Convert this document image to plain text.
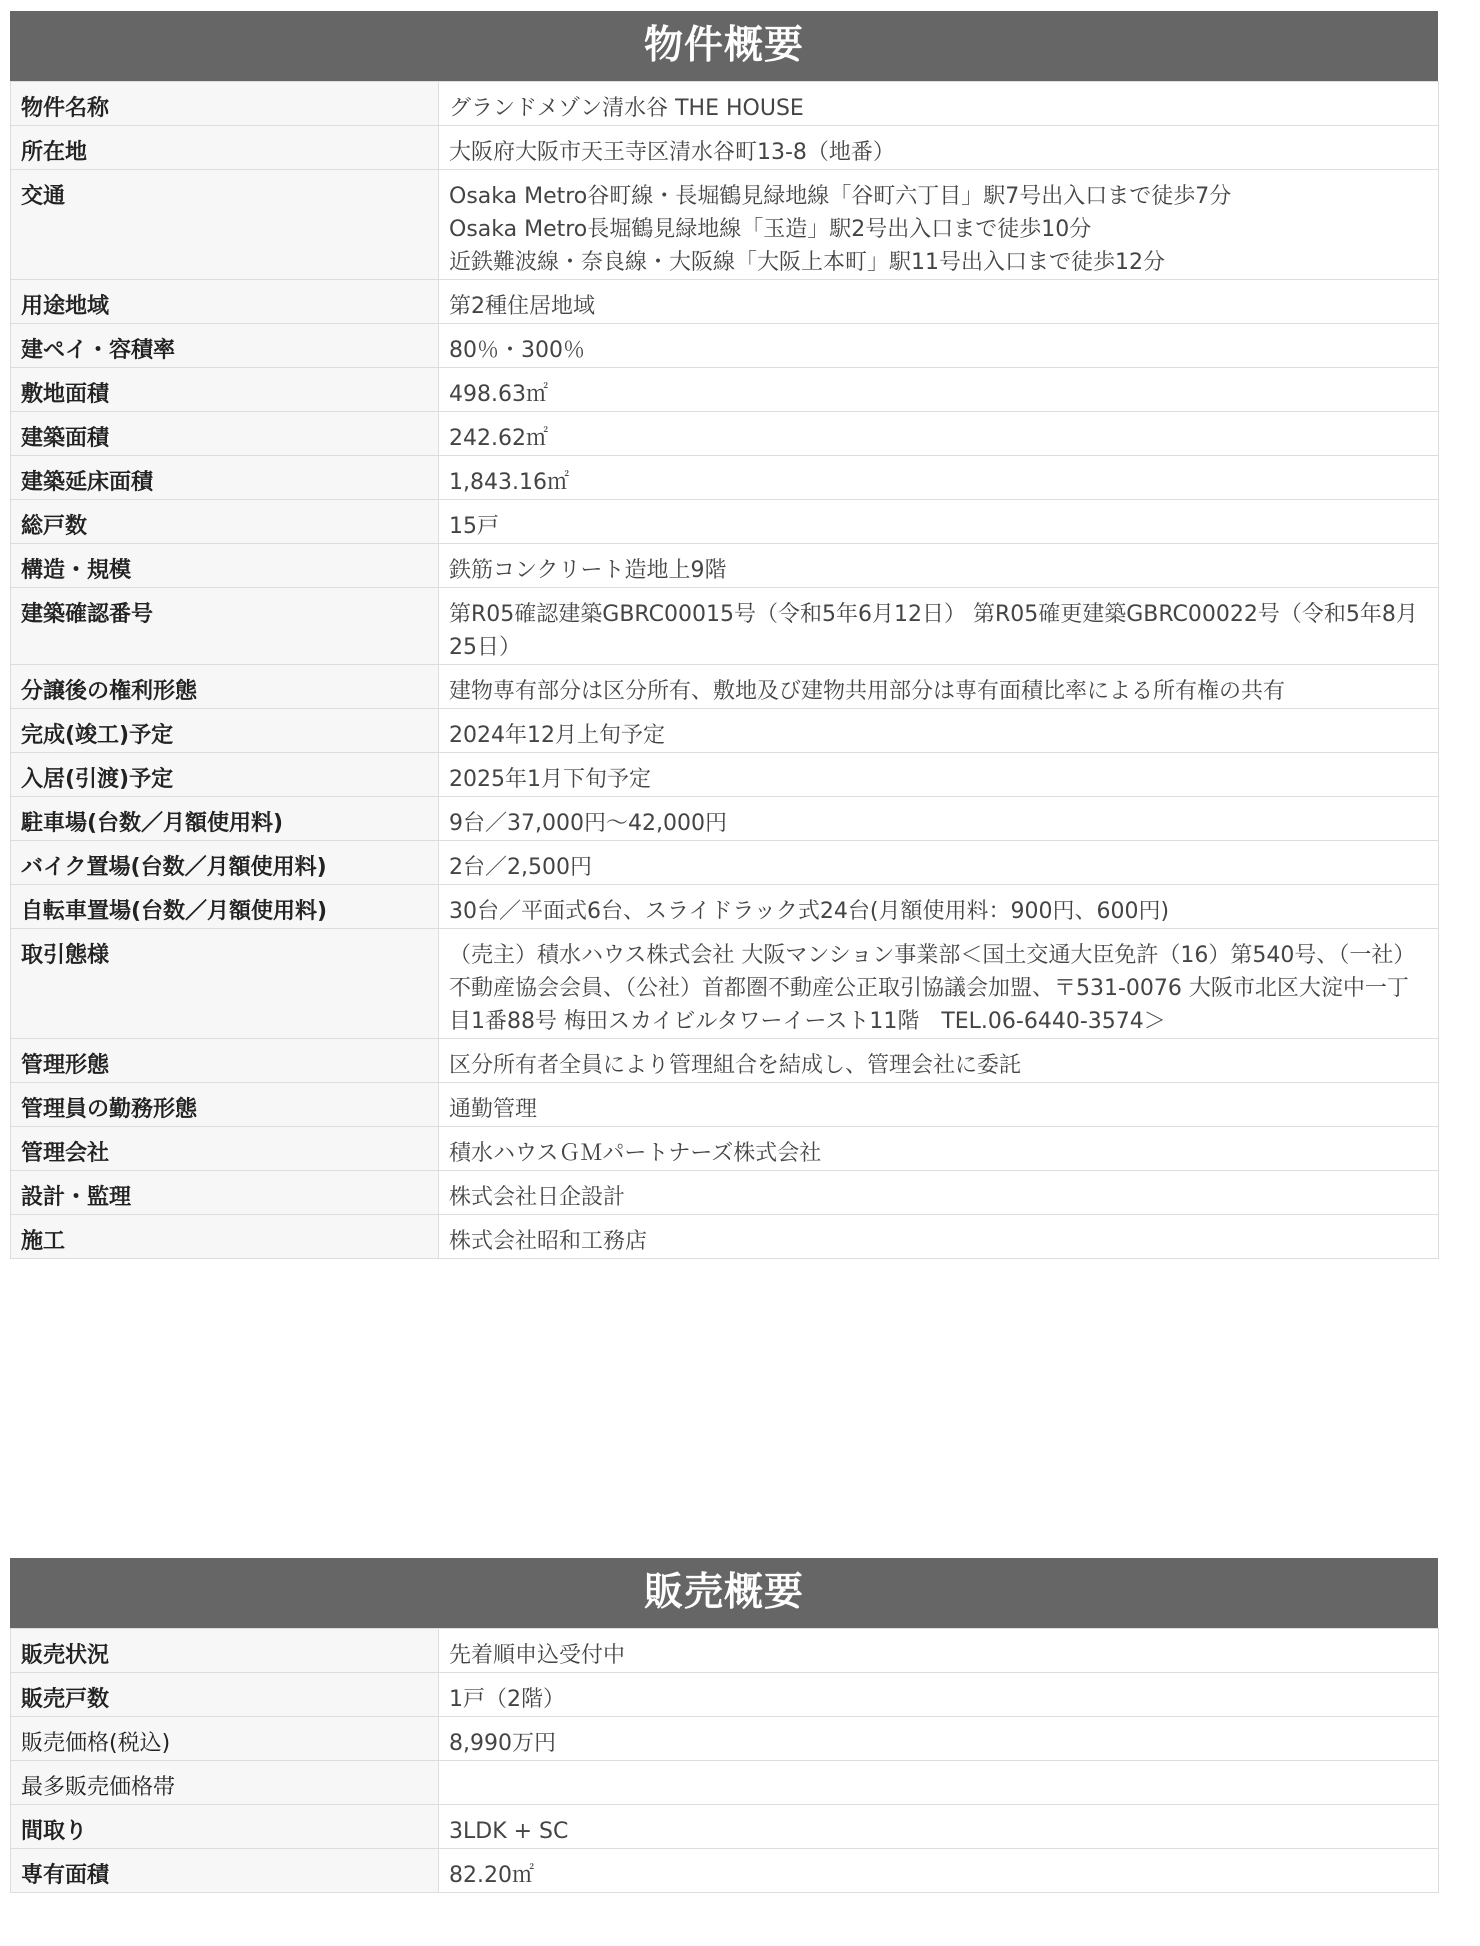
物件概要
物件名称	グランドメゾン清水谷 THE HOUSE

所在地	大阪府大阪市天王寺区清水谷町13-8（地番）

交通	Osaka Metro谷町線・長堀鶴見緑地線「谷町六丁目」駅7号出入口まで徒歩7分
Osaka Metro長堀鶴見緑地線「玉造」駅2号出入口まで徒歩10分
近鉄難波線・奈良線・大阪線「大阪上本町」駅11号出入口まで徒歩12分

用途地域	第2種住居地域

建ペイ・容積率	80％・300％

敷地面積	498.63㎡

建築面積	242.62㎡

建築延床面積	1,843.16㎡

総戸数	15戸

構造・規模	鉄筋コンクリート造地上9階

建築確認番号	第R05確認建築GBRC00015号（令和5年6月12日） 第R05確更建築GBRC00022号（令和5年8月25日）

分譲後の権利形態	建物専有部分は区分所有、敷地及び建物共用部分は専有面積比率による所有権の共有

完成(竣工)予定	2024年12月上旬予定

入居(引渡)予定	2025年1月下旬予定

駐車場(台数／月額使用料)	9台／37,000円～42,000円

バイク置場(台数／月額使用料)	2台／2,500円

自転車置場(台数／月額使用料)	30台／平面式6台、スライドラック式24台(月額使用料：900円、600円)

取引態様	（売主）積水ハウス株式会社 大阪マンション事業部＜国土交通大臣免許（16）第540号、（一社）不動産協会会員、（公社）首都圏不動産公正取引協議会加盟、〒531-0076 大阪市北区大淀中一丁目1番88号 梅田スカイビルタワーイースト11階　TEL.06-6440-3574＞

管理形態	区分所有者全員により管理組合を結成し、管理会社に委託

管理員の勤務形態	通勤管理

管理会社	積水ハウスＧＭパートナーズ株式会社

設計・監理	株式会社日企設計

施工	株式会社昭和工務店
販売概要
販売状況	先着順申込受付中

販売戸数	1戸（2階）

販売価格(税込)	8,990万円

最多販売価格帯	

間取り	3LDK + SC

専有面積	82.20㎡
